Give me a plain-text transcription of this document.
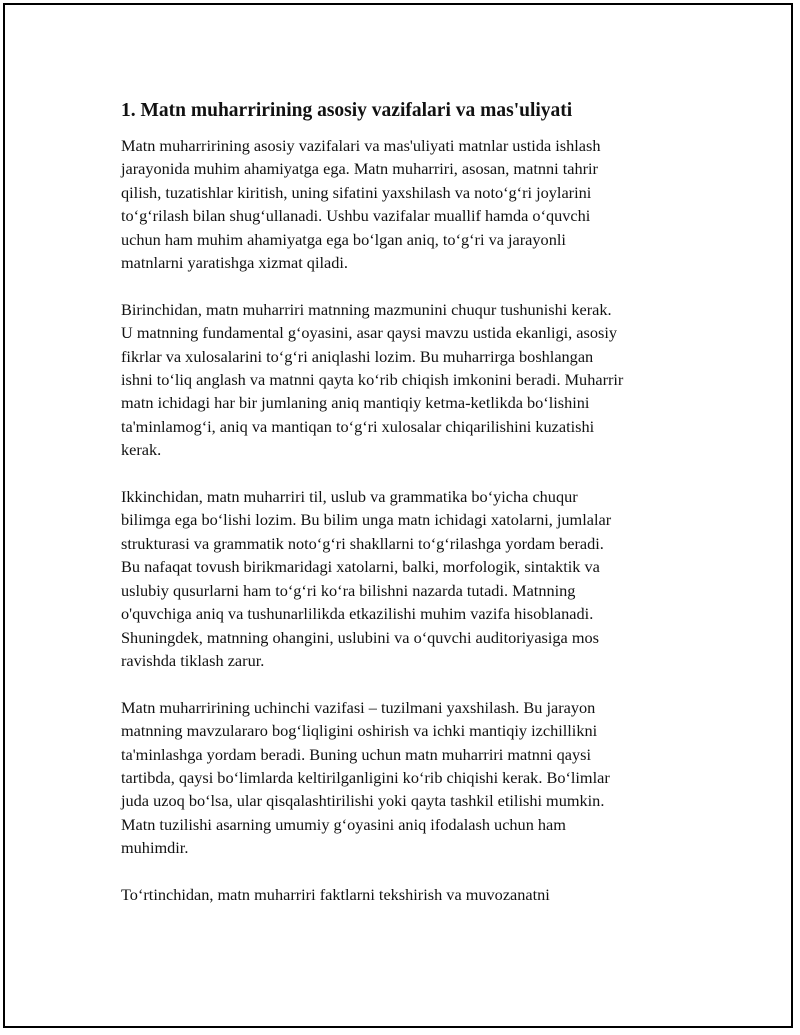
1. Matn muharririning asosiy vazifalari va mas'uliyati

Matn muharririning asosiy vazifalari va mas'uliyati matnlar ustida ishlash
jarayonida muhim ahamiyatga ega. Matn muharriri, asosan, matnni tahrir
qilish, tuzatishlar kiritish, uning sifatini yaxshilash va noto‘g‘ri joylarini
to‘g‘rilash bilan shug‘ullanadi. Ushbu vazifalar muallif hamda o‘quvchi
uchun ham muhim ahamiyatga ega bo‘lgan aniq, to‘g‘ri va jarayonli
matnlarni yaratishga xizmat qiladi.

Birinchidan, matn muharriri matnning mazmunini chuqur tushunishi kerak.
U matnning fundamental g‘oyasini, asar qaysi mavzu ustida ekanligi, asosiy
fikrlar va xulosalarini to‘g‘ri aniqlashi lozim. Bu muharrirga boshlangan
ishni to‘liq anglash va matnni qayta ko‘rib chiqish imkonini beradi. Muharrir
matn ichidagi har bir jumlaning aniq mantiqiy ketma-ketlikda bo‘lishini
ta'minlamog‘i, aniq va mantiqan to‘g‘ri xulosalar chiqarilishini kuzatishi
kerak.

Ikkinchidan, matn muharriri til, uslub va grammatika bo‘yicha chuqur
bilimga ega bo‘lishi lozim. Bu bilim unga matn ichidagi xatolarni, jumlalar
strukturasi va grammatik noto‘g‘ri shakllarni to‘g‘rilashga yordam beradi.
Bu nafaqat tovush birikmaridagi xatolarni, balki, morfologik, sintaktik va
uslubiy qusurlarni ham to‘g‘ri ko‘ra bilishni nazarda tutadi. Matnning
o'quvchiga aniq va tushunarlilikda etkazilishi muhim vazifa hisoblanadi.
Shuningdek, matnning ohangini, uslubini va o‘quvchi auditoriyasiga mos
ravishda tiklash zarur.

Matn muharririning uchinchi vazifasi – tuzilmani yaxshilash. Bu jarayon
matnning mavzulararo bog‘liqligini oshirish va ichki mantiqiy izchillikni
ta'minlashga yordam beradi. Buning uchun matn muharriri matnni qaysi
tartibda, qaysi bo‘limlarda keltirilganligini ko‘rib chiqishi kerak. Bo‘limlar
juda uzoq bo‘lsa, ular qisqalashtirilishi yoki qayta tashkil etilishi mumkin.
Matn tuzilishi asarning umumiy g‘oyasini aniq ifodalash uchun ham
muhimdir.

To‘rtinchidan, matn muharriri faktlarni tekshirish va muvozanatni
